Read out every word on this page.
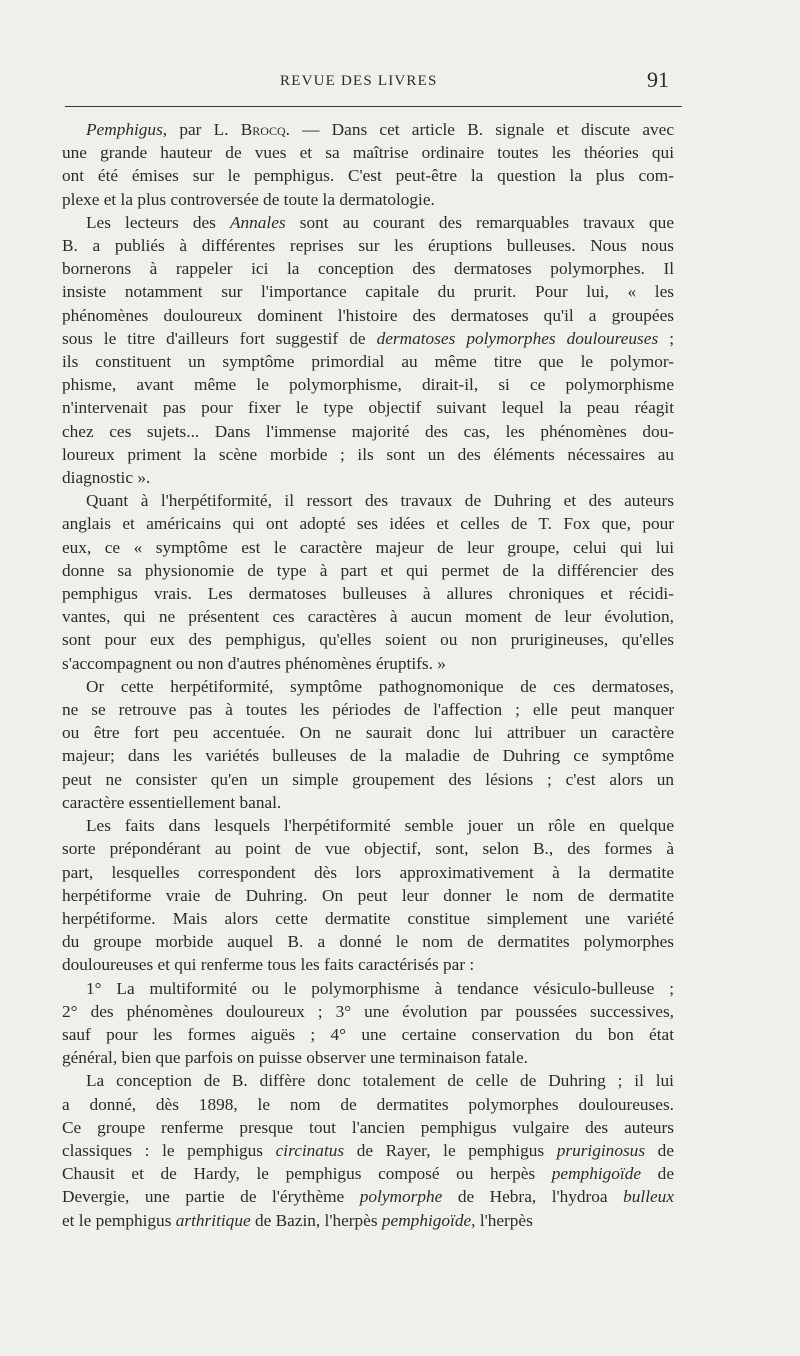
REVUE DES LIVRES	91

Pemphigus, par L. Brocq. — Dans cet article B. signale et discute avec
une grande hauteur de vues et sa maîtrise ordinaire toutes les théories qui
ont été émises sur le pemphigus. C'est peut-être la question la plus com-
plexe et la plus controversée de toute la dermatologie.

Les lecteurs des Annales sont au courant des remarquables travaux que
B. a publiés à différentes reprises sur les éruptions bulleuses. Nous nous
bornerons à rappeler ici la conception des dermatoses polymorphes. Il
insiste notamment sur l'importance capitale du prurit. Pour lui, « les
phénomènes douloureux dominent l'histoire des dermatoses qu'il a groupées
sous le titre d'ailleurs fort suggestif de dermatoses polymorphes douloureuses ;
ils constituent un symptôme primordial au même titre que le polymor-
phisme, avant même le polymorphisme, dirait-il, si ce polymorphisme
n'intervenait pas pour fixer le type objectif suivant lequel la peau réagit
chez ces sujets... Dans l'immense majorité des cas, les phénomènes dou-
loureux priment la scène morbide ; ils sont un des éléments nécessaires au
diagnostic ».

Quant à l'herpétiformité, il ressort des travaux de Duhring et des auteurs
anglais et américains qui ont adopté ses idées et celles de T. Fox que, pour
eux, ce « symptôme est le caractère majeur de leur groupe, celui qui lui
donne sa physionomie de type à part et qui permet de la différencier des
pemphigus vrais. Les dermatoses bulleuses à allures chroniques et récidi-
vantes, qui ne présentent ces caractères à aucun moment de leur évolution,
sont pour eux des pemphigus, qu'elles soient ou non prurigineuses, qu'elles
s'accompagnent ou non d'autres phénomènes éruptifs. »

Or cette herpétiformité, symptôme pathognomonique de ces dermatoses,
ne se retrouve pas à toutes les périodes de l'affection ; elle peut manquer
ou être fort peu accentuée. On ne saurait donc lui attribuer un caractère
majeur; dans les variétés bulleuses de la maladie de Duhring ce symptôme
peut ne consister qu'en un simple groupement des lésions ; c'est alors un
caractère essentiellement banal.

Les faits dans lesquels l'herpétiformité semble jouer un rôle en quelque
sorte prépondérant au point de vue objectif, sont, selon B., des formes à
part, lesquelles correspondent dès lors approximativement à la dermatite
herpétiforme vraie de Duhring. On peut leur donner le nom de dermatite
herpétiforme. Mais alors cette dermatite constitue simplement une variété
du groupe morbide auquel B. a donné le nom de dermatites polymorphes
douloureuses et qui renferme tous les faits caractérisés par :

1° La multiformité ou le polymorphisme à tendance vésiculo-bulleuse ;
2° des phénomènes douloureux ; 3° une évolution par poussées successives,
sauf pour les formes aiguës ; 4° une certaine conservation du bon état
général, bien que parfois on puisse observer une terminaison fatale.

La conception de B. diffère donc totalement de celle de Duhring ; il lui
a donné, dès 1898, le nom de dermatites polymorphes douloureuses.
Ce groupe renferme presque tout l'ancien pemphigus vulgaire des auteurs
classiques : le pemphigus circinatus de Rayer, le pemphigus pruriginosus de
Chausit et de Hardy, le pemphigus composé ou herpès pemphigoïde de
Devergie, une partie de l'érythème polymorphe de Hebra, l'hydroa bulleux
et le pemphigus arthritique de Bazin, l'herpès pemphigoïde, l'herpès
